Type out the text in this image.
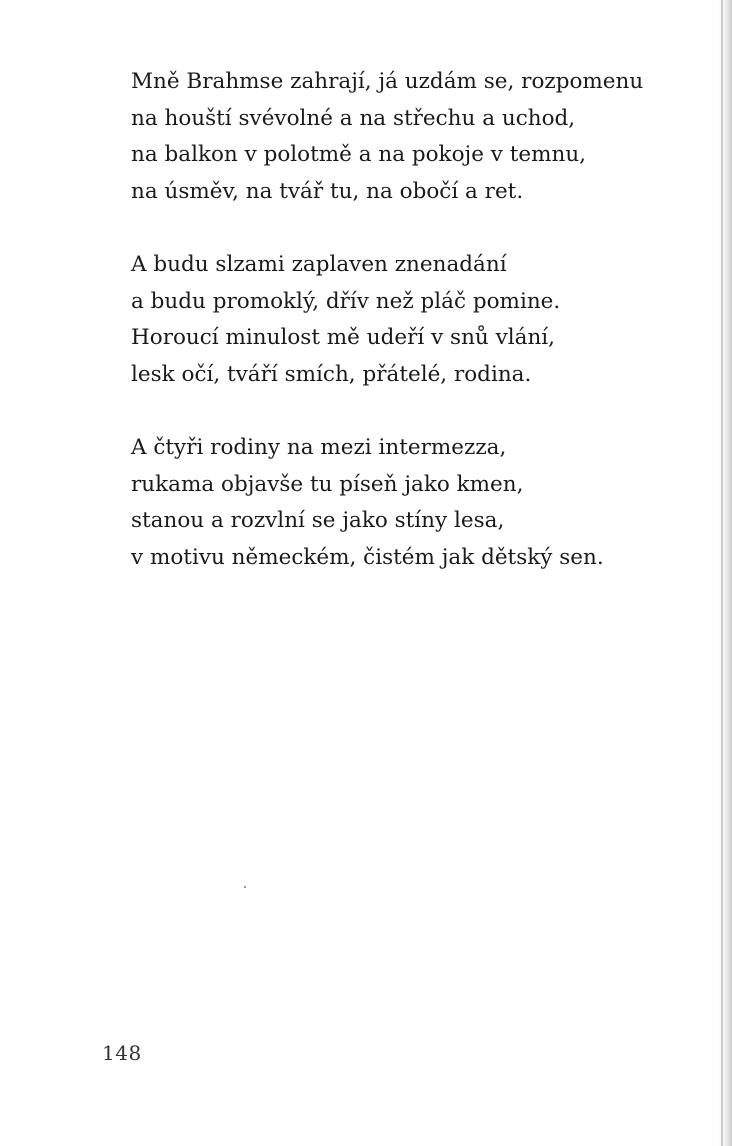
Mně Brahmse zahrají, já uzdám se, rozpomenu
na houští svévolné a na střechu a uchod,
na balkon v polotmě a na pokoje v temnu,
na úsměv, na tvář tu, na obočí a ret.
A budu slzami zaplaven znenadání
a budu promoklý, dřív než pláč pomine.
Horoucí minulost mě udeří v snů vlání,
lesk očí, tváří smích, přátelé, rodina.
A čtyři rodiny na mezi intermezza,
rukama objavše tu píseň jako kmen,
stanou a rozvlní se jako stíny lesa,
v motivu německém, čistém jak dětský sen.
148
